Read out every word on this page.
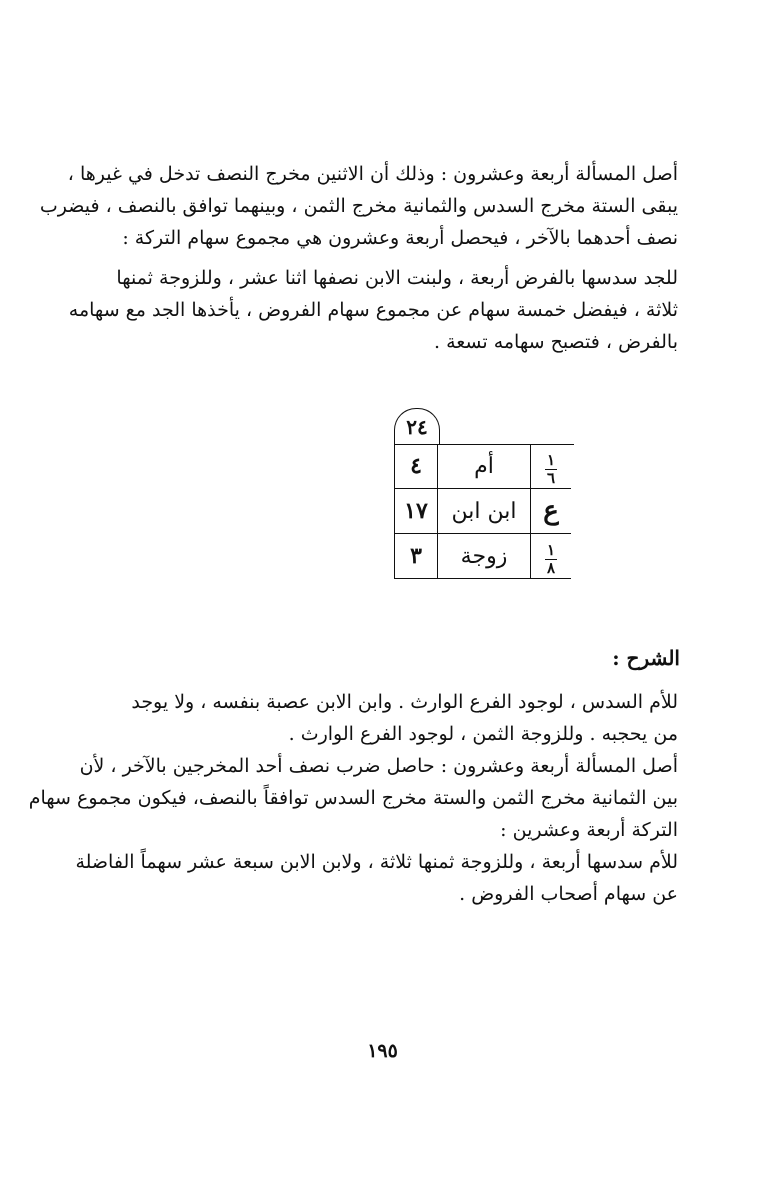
أصل المسألة أربعة وعشرون : وذلك أن الاثنين مخرج النصف تدخل في غيرها ،
يبقى الستة مخرج السدس والثمانية مخرج الثمن ، وبينهما توافق بالنصف ، فيضرب
نصف أحدهما بالآخر ، فيحصل أربعة وعشرون هي مجموع سهام التركة :
للجد سدسها بالفرض أربعة ، ولبنت الابن نصفها اثنا عشر ، وللزوجة ثمنها
ثلاثة ، فيفضل خمسة سهام عن مجموع سهام الفروض ، يأخذها الجد مع سهامه
بالفرض ، فتصبح سهامه تسعة .
٢٤
٤	أم	$\frac{١}{٦}$

١٧	ابن ابن	ع
٣	زوجة	$\frac{١}{٨}$
الشرح :
للأم السدس ، لوجود الفرع الوارث . وابن الابن عصبة بنفسه ، ولا يوجد
من يحجبه . وللزوجة الثمن ، لوجود الفرع الوارث .
أصل المسألة أربعة وعشرون : حاصل ضرب نصف أحد المخرجين بالآخر ، لأن
بين الثمانية مخرج الثمن والستة مخرج السدس توافقاً بالنصف، فيكون مجموع سهام
التركة أربعة وعشرين :
للأم سدسها أربعة ، وللزوجة ثمنها ثلاثة ، ولابن الابن سبعة عشر سهماً الفاضلة
عن سهام أصحاب الفروض .
١٩٥
